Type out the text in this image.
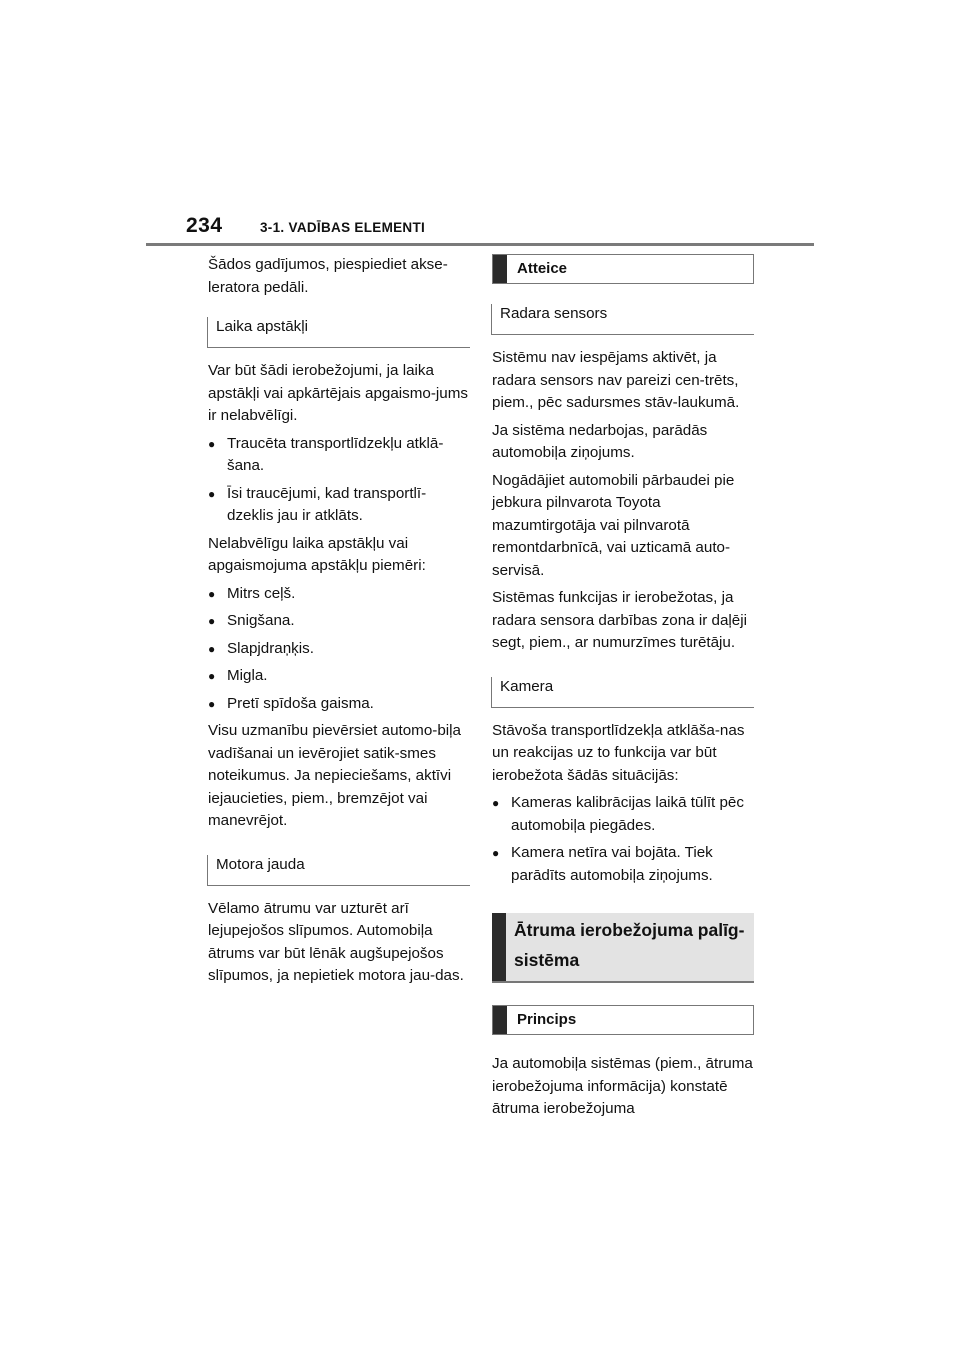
234	3-1. VADĪBAS ELEMENTI

Šādos gadījumos, piespiediet akse-
leratora pedāli.

Laika apstākļi

Var būt šādi ierobežojumi, ja laika apstākļi vai apkārtējais apgaismo-jums ir nelabvēlīgi.

● Traucēta transportlīdzekļu atklā-šana.
● Īsi traucējumi, kad transportlī-dzeklis jau ir atklāts.

Nelabvēlīgu laika apstākļu vai apgaismojuma apstākļu piemēri:

● Mitrs ceļš.
● Snigšana.
● Slapjdraņķis.
● Migla.
● Pretī spīdoša gaisma.

Visu uzmanību pievērsiet automo-biļa vadīšanai un ievērojiet satik-smes noteikumus. Ja nepieciešams, aktīvi iejaucieties, piem., bremzējot vai manevrējot.

Motora jauda

Vēlamo ātrumu var uzturēt arī lejupejošos slīpumos. Automobiļa ātrums var būt lēnāk augšupejošos slīpumos, ja nepietiek motora jau-das.

Atteice
Radara sensors

Sistēmu nav iespējams aktivēt, ja radara sensors nav pareizi cen-trēts, piem., pēc sadursmes stāv-laukumā.

Ja sistēma nedarbojas, parādās automobiļa ziņojums.

Nogādājiet automobili pārbaudei pie jebkura pilnvarota Toyota mazumtirgotāja vai pilnvarotā remontdarbnīcā, vai uzticamā auto-servisā.

Sistēmas funkcijas ir ierobežotas, ja radara sensora darbības zona ir daļēji segt, piem., ar numurzīmes turētāju.

Kamera

Stāvoša transportlīdzekļa atklāša-nas un reakcijas uz to funkcija var būt ierobežota šādās situācijās:

● Kameras kalibrācijas laikā tūlīt pēc automobiļa piegādes.
● Kamera netīra vai bojāta. Tiek parādīts automobiļa ziņojums.
Ātruma ierobežojuma palīg-sistēma
Princips

Ja automobiļa sistēmas (piem., ātruma ierobežojuma informācija) konstatē ātruma ierobežojuma
